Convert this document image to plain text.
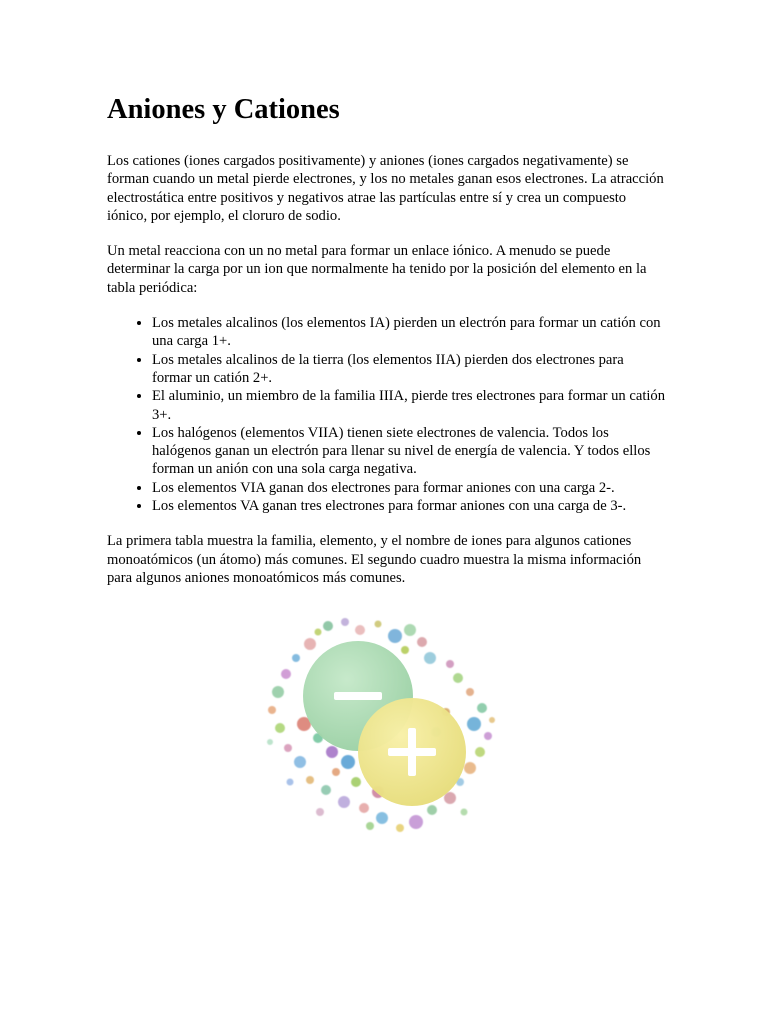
Aniones y Cationes

Los cationes (iones cargados positivamente) y aniones (iones cargados negativamente) se forman cuando un metal pierde electrones, y los no metales ganan esos electrones. La atracción electrostática entre positivos y negativos atrae las partículas entre sí y crea un compuesto iónico, por ejemplo, el cloruro de sodio.

Un metal reacciona con un no metal para formar un enlace iónico. A menudo se puede determinar la carga por un ion que normalmente ha tenido por la posición del elemento en la tabla periódica:

• Los metales alcalinos (los elementos IA) pierden un electrón para formar un catión con una carga 1+.
• Los metales alcalinos de la tierra (los elementos IIA) pierden dos electrones para formar un catión 2+.
• El aluminio, un miembro de la familia IIIA, pierde tres electrones para formar un catión 3+.
• Los halógenos (elementos VIIA) tienen siete electrones de valencia. Todos los halógenos ganan un electrón para llenar su nivel de energía de valencia. Y todos ellos forman un anión con una sola carga negativa.
• Los elementos VIA ganan dos electrones para formar aniones con una carga 2-.
• Los elementos VA ganan tres electrones para formar aniones con una carga de 3-.

La primera tabla muestra la familia, elemento, y el nombre de iones para algunos cationes monoatómicos (un átomo) más comunes. El segundo cuadro muestra la misma información para algunos aniones monoatómicos más comunes.
